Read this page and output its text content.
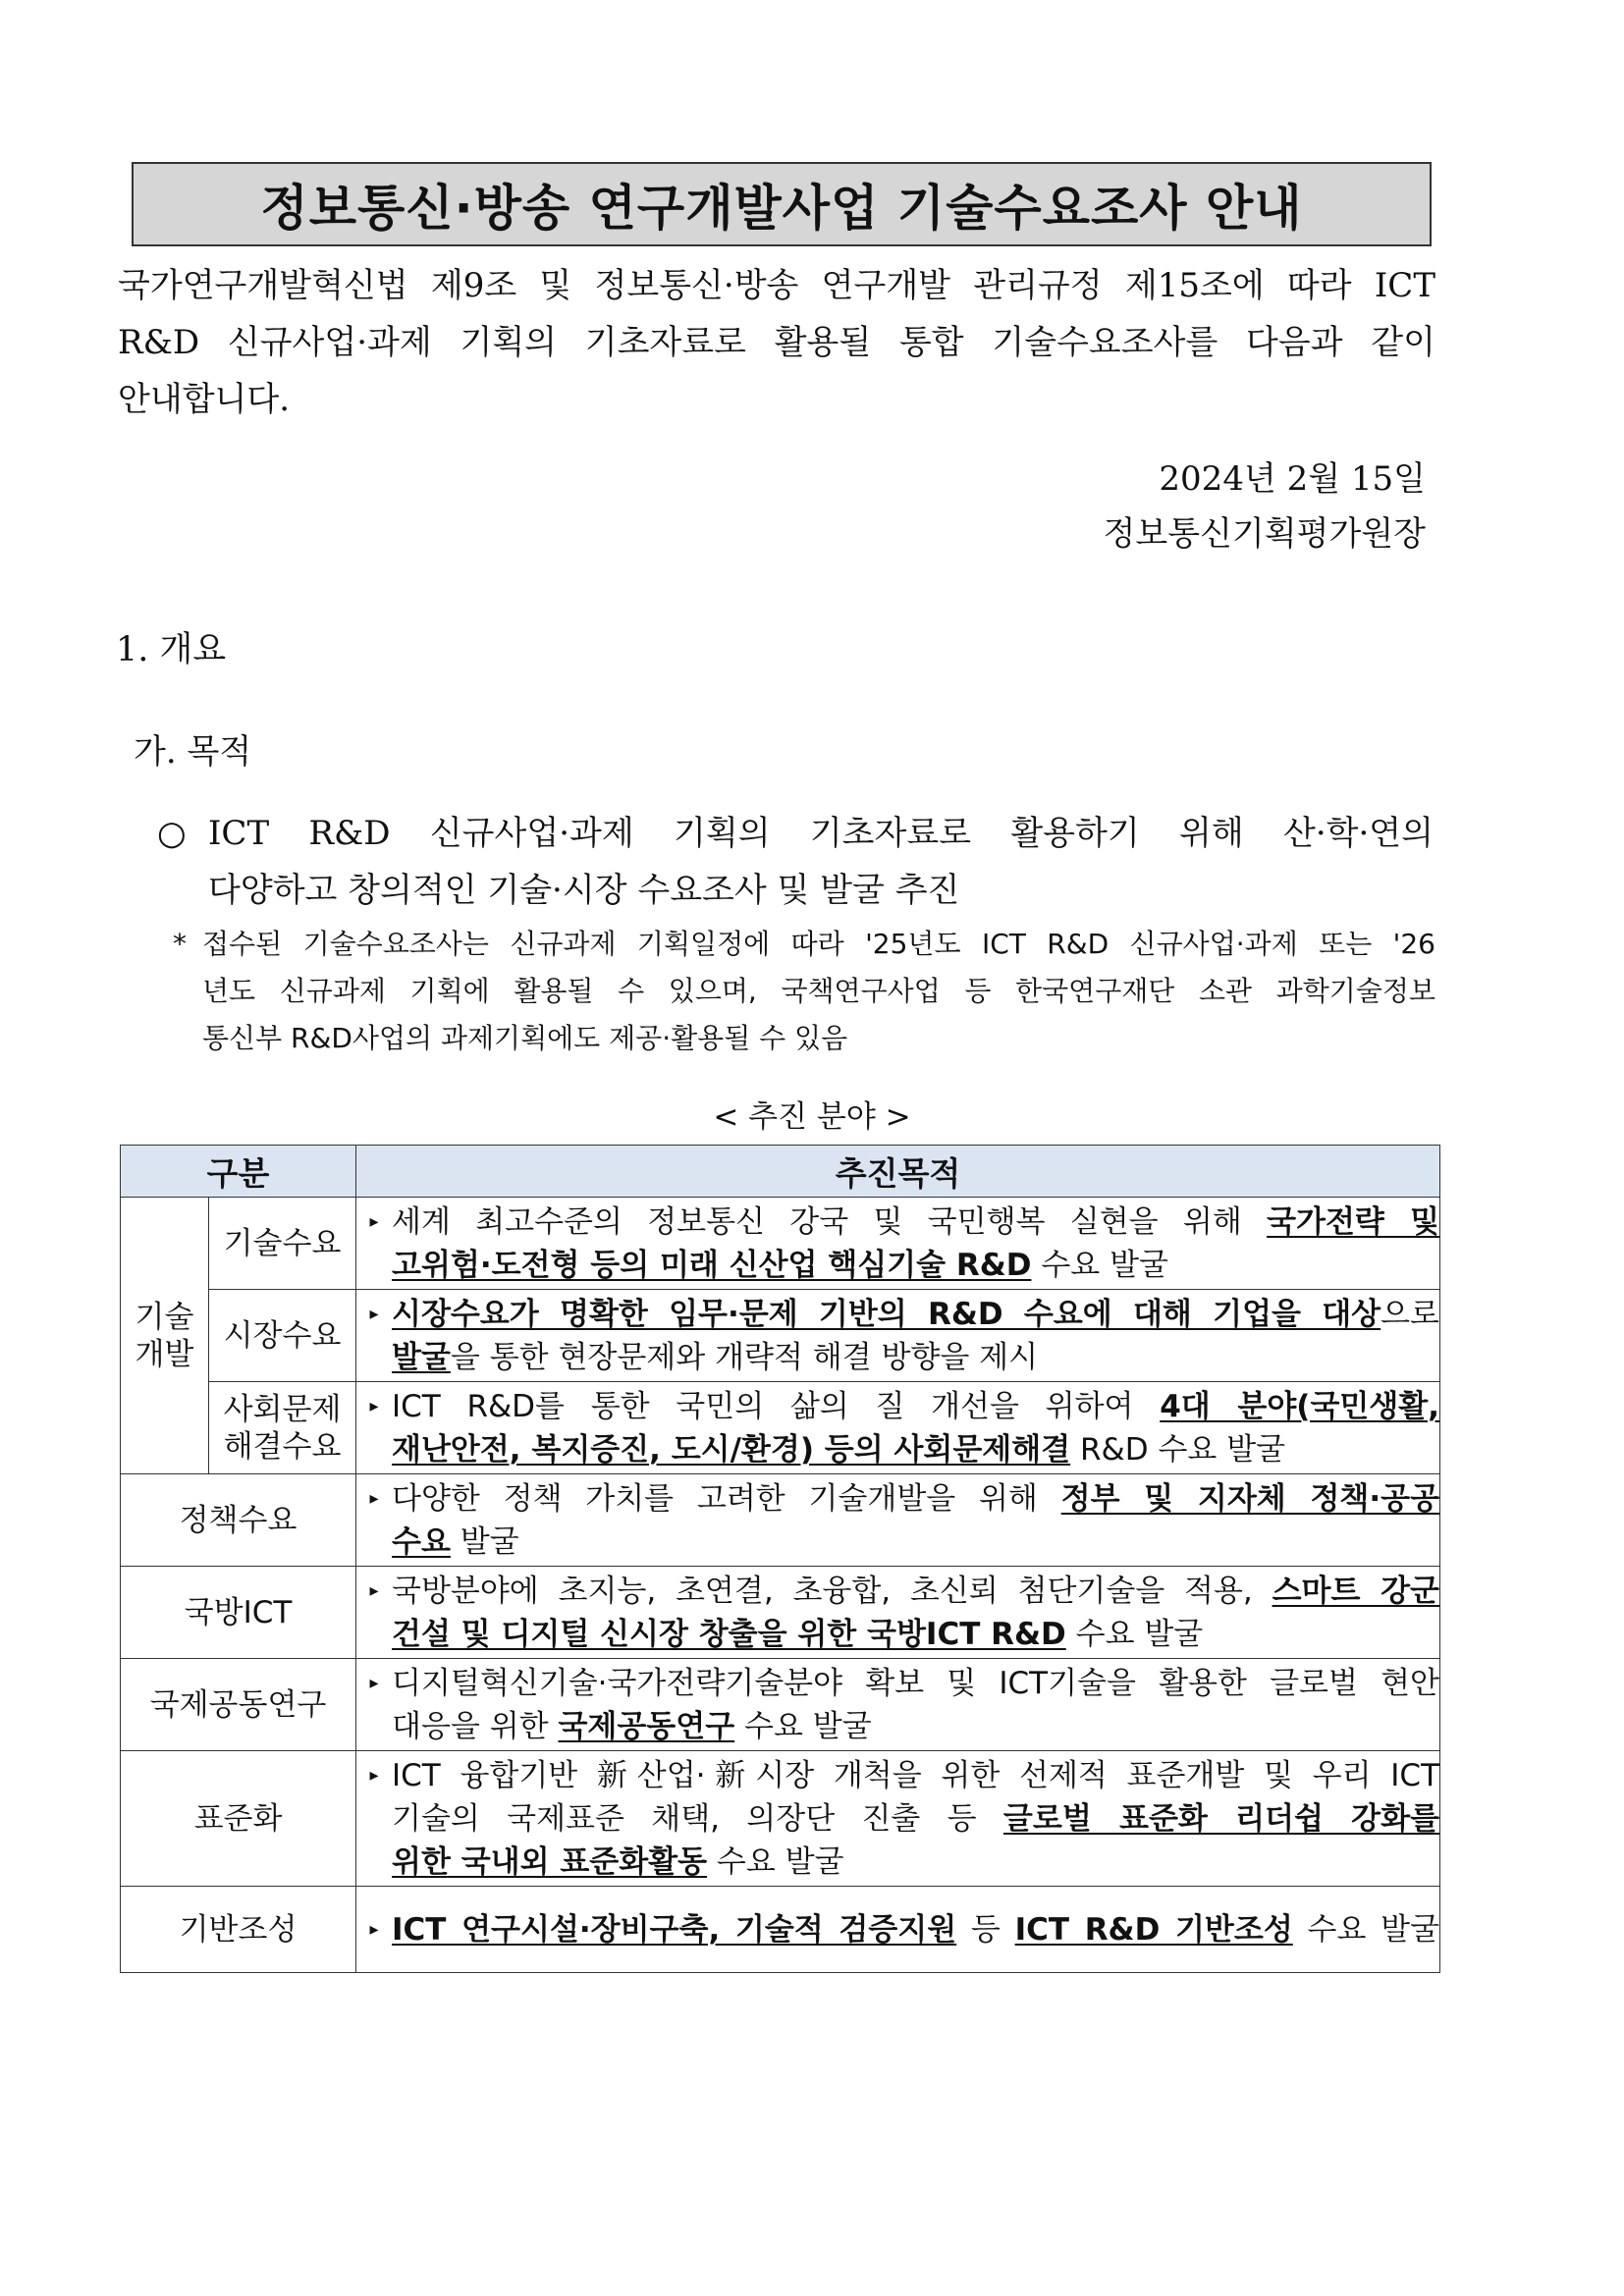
정보통신·방송 연구개발사업 기술수요조사 안내
국가연구개발혁신법 제9조 및 정보통신·방송 연구개발 관리규정 제15조에 따라 ICT
R&D 신규사업·과제 기획의 기초자료로 활용될 통합 기술수요조사를 다음과 같이
안내합니다.
2024년 2월 15일
정보통신기획평가원장
1. 개요
가. 목적
○ ICT R&D 신규사업·과제 기획의 기초자료로 활용하기 위해 산·학·연의
다양하고 창의적인 기술·시장 수요조사 및 발굴 추진
* 접수된 기술수요조사는 신규과제 기획일정에 따라 '25년도 ICT R&D 신규사업·과제 또는 '26
년도 신규과제 기획에 활용될 수 있으며, 국책연구사업 등 한국연구재단 소관 과학기술정보
통신부 R&D사업의 과제기획에도 제공·활용될 수 있음
< 추진 분야 >
구분		추진목적

기술
개발	기술수요	▸ 세계 최고수준의 정보통신 강국 및 국민행복 실현을 위해 국가전략 및
고위험·도전형 등의 미래 신산업 핵심기술 R&D 수요 발굴

	시장수요	▸ 시장수요가 명확한 임무·문제 기반의 R&D 수요에 대해 기업을 대상으로
발굴을 통한 현장문제와 개략적 해결 방향을 제시

	사회문제
해결수요	▸ ICT R&D를 통한 국민의 삶의 질 개선을 위하여 4대 분야(국민생활,
재난안전, 복지증진, 도시/환경) 등의 사회문제해결 R&D 수요 발굴

정책수요		▸ 다양한 정책 가치를 고려한 기술개발을 위해 정부 및 지자체 정책·공공
수요 발굴

국방ICT		▸ 국방분야에 초지능, 초연결, 초융합, 초신뢰 첨단기술을 적용, 스마트 강군
건설 및 디지털 신시장 창출을 위한 국방ICT R&D 수요 발굴

국제공동연구		▸ 디지털혁신기술·국가전략기술분야 확보 및 ICT기술을 활용한 글로벌 현안
대응을 위한 국제공동연구 수요 발굴

표준화		▸ ICT 융합기반 新산업·新시장 개척을 위한 선제적 표준개발 및 우리 ICT
기술의 국제표준 채택, 의장단 진출 등 글로벌 표준화 리더쉽 강화를
위한 국내외 표준화활동 수요 발굴

기반조성		▸ ICT 연구시설·장비구축, 기술적 검증지원 등 ICT R&D 기반조성 수요 발굴
